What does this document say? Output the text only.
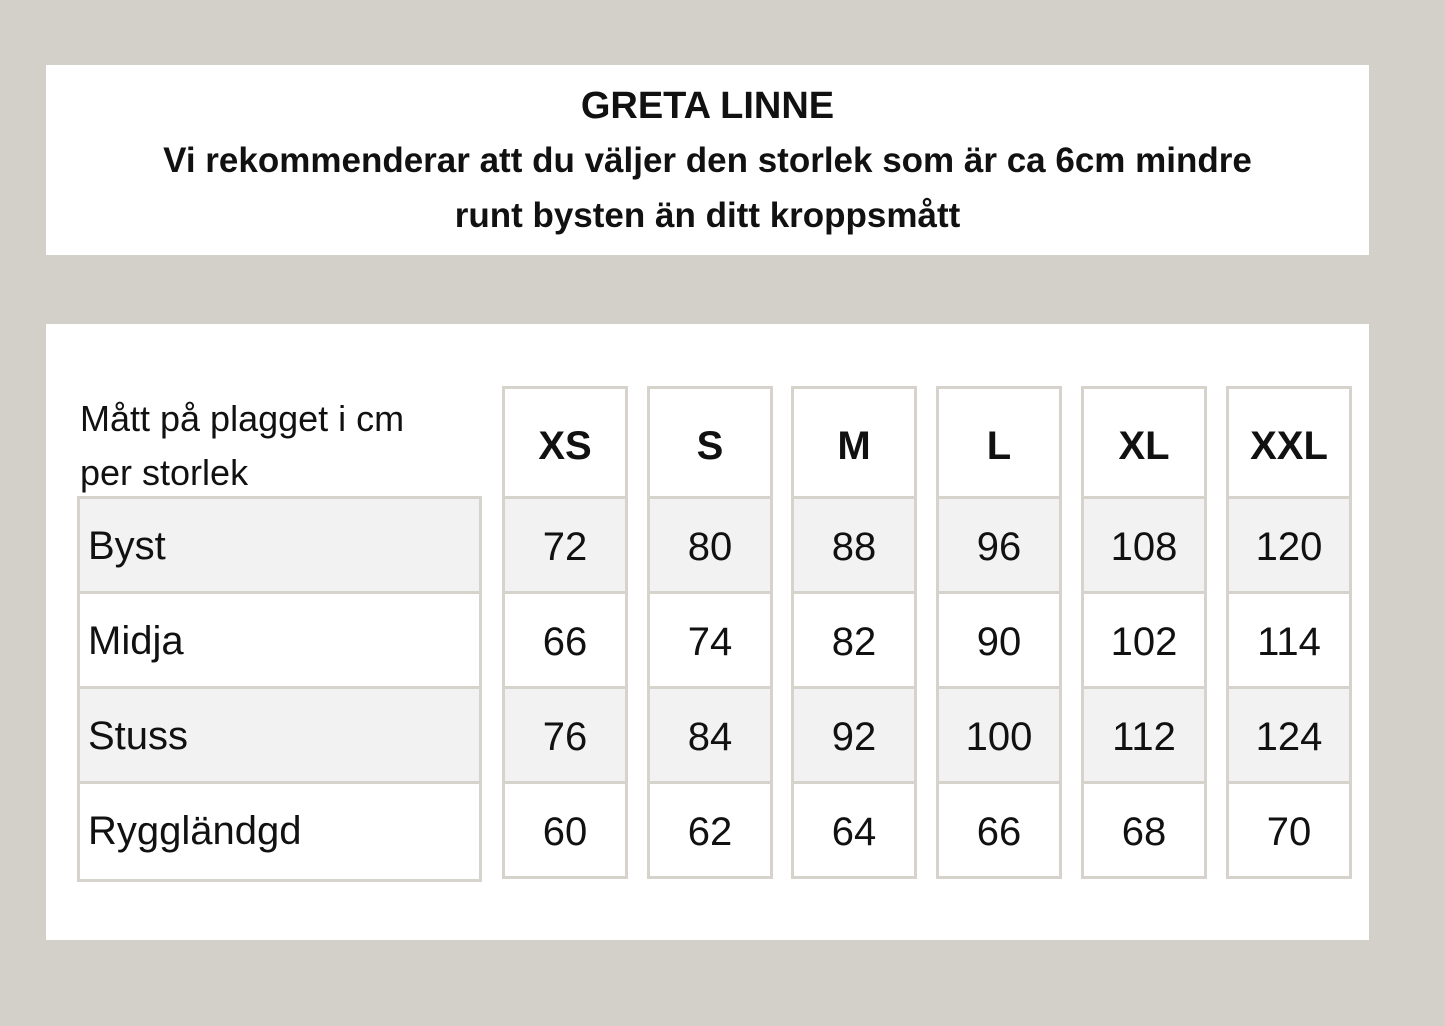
GRETA LINNE
Vi rekommenderar att du väljer den storlek som är ca 6cm mindre
runt bysten än ditt kroppsmått
Mått på plagget i cm
per storlek
Byst
Midja
Stuss
Ryggländgd
XS
72
66
76
60
S
80
74
84
62
M
88
82
92
64
L
96
90
100
66
XL
108
102
112
68
XXL
120
114
124
70
